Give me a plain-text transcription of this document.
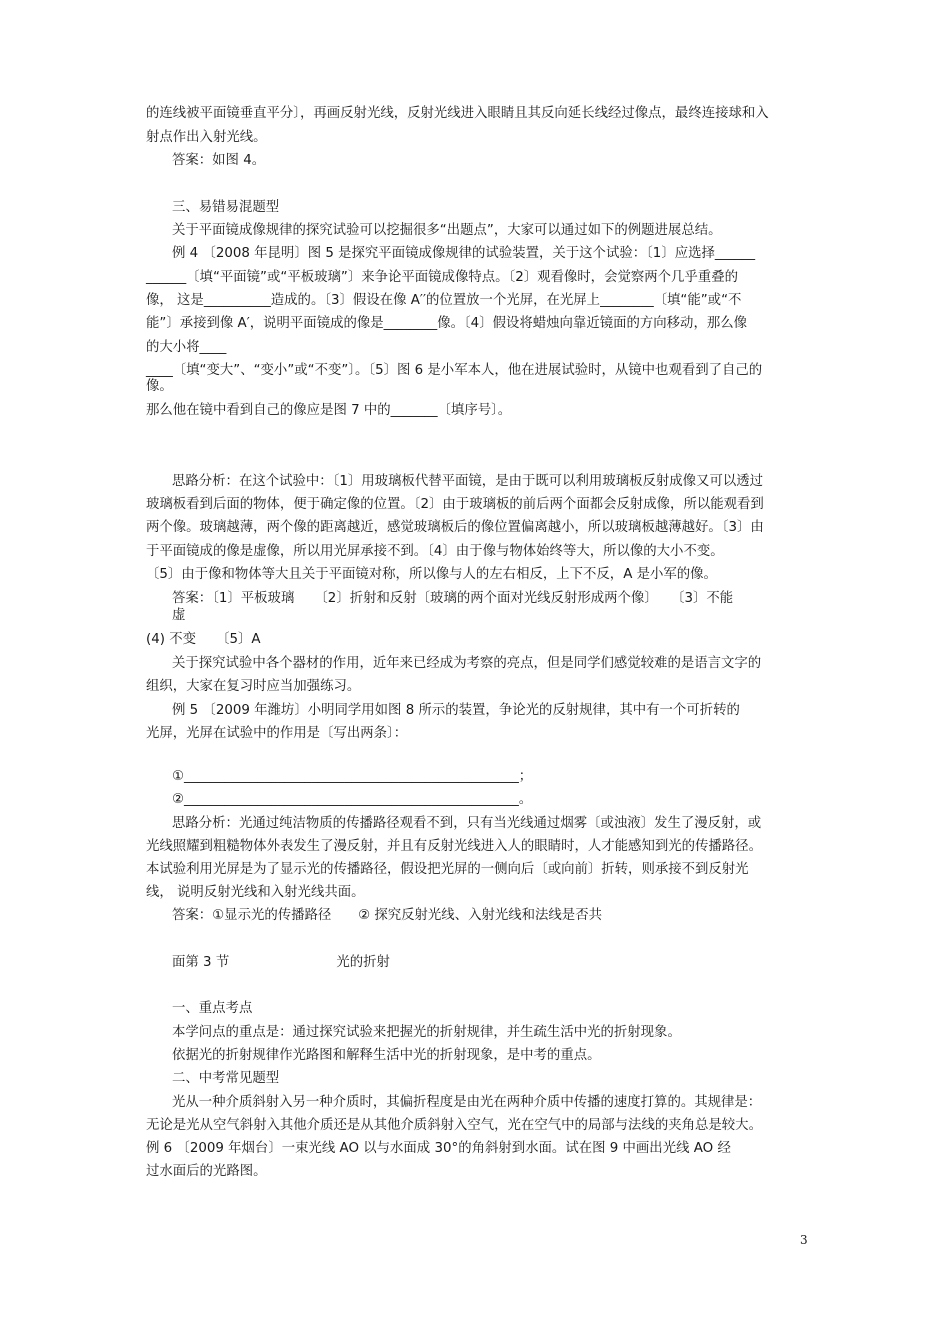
的连线被平面镜垂直平分〕，再画反射光线，反射光线进入眼睛且其反向延长线经过像点，最终连接球和入
射点作出入射光线。
答案：如图 4。
三、易错易混题型
关于平面镜成像规律的探究试验可以挖掘很多“出题点”，大家可以通过如下的例题进展总结。
例 4 〔2008 年昆明〕图 5 是探究平面镜成像规律的试验装置，关于这个试验：〔1〕应选择______
______〔填“平面镜”或“平板玻璃”〕来争论平面镜成像特点。〔2〕观看像时，会觉察两个几乎重叠的
像， 这是__________造成的。〔3〕假设在像 A′′的位置放一个光屏，在光屏上________〔填“能”或“不
能”〕承接到像 A′，说明平面镜成的像是________像。〔4〕假设将蜡烛向靠近镜面的方向移动，那么像
的大小将____
____〔填“变大”、“变小”或“不变”〕。〔5〕图 6 是小军本人，他在进展试验时，从镜中也观看到了自己的
像。
那么他在镜中看到自己的像应是图 7 中的_______〔填序号〕。
思路分析：在这个试验中：〔1〕用玻璃板代替平面镜，是由于既可以利用玻璃板反射成像又可以透过
玻璃板看到后面的物体，便于确定像的位置。〔2〕由于玻璃板的前后两个面都会反射成像，所以能观看到
两个像。玻璃越薄，两个像的距离越近，感觉玻璃板后的像位置偏离越小，所以玻璃板越薄越好。〔3〕由
于平面镜成的像是虚像，所以用光屏承接不到。〔4〕由于像与物体始终等大，所以像的大小不变。
〔5〕由于像和物体等大且关于平面镜对称，所以像与人的左右相反，上下不反，A 是小军的像。
答案：〔1〕平板玻璃　　〔2〕折射和反射〔玻璃的两个面对光线反射形成两个像〕　　〔3〕不能
虚
(4) 不变　　〔5〕A
关于探究试验中各个器材的作用，近年来已经成为考察的亮点，但是同学们感觉较难的是语言文字的
组织，大家在复习时应当加强练习。
例 5 〔2009 年潍坊〕小明同学用如图 8 所示的装置，争论光的反射规律，其中有一个可折转的
光屏，光屏在试验中的作用是〔写出两条〕：
①__________________________________________________；
②__________________________________________________。
思路分析：光通过纯洁物质的传播路径观看不到，只有当光线通过烟雾〔或浊液〕发生了漫反射，或
光线照耀到粗糙物体外表发生了漫反射，并且有反射光线进入人的眼睛时，人才能感知到光的传播路径。
本试验利用光屏是为了显示光的传播路径，假设把光屏的一侧向后〔或向前〕折转，则承接不到反射光
线， 说明反射光线和入射光线共面。
答案：①显示光的传播路径　　② 探究反射光线、入射光线和法线是否共
面第 3 节　　　　　　　　光的折射
一、重点考点
本学问点的重点是：通过探究试验来把握光的折射规律，并生疏生活中光的折射现象。
依据光的折射规律作光路图和解释生活中光的折射现象，是中考的重点。
二、中考常见题型
光从一种介质斜射入另一种介质时，其偏折程度是由光在两种介质中传播的速度打算的。其规律是：
无论是光从空气斜射入其他介质还是从其他介质斜射入空气，光在空气中的局部与法线的夹角总是较大。
例 6 〔2009 年烟台〕一束光线 AO 以与水面成 30°的角斜射到水面。试在图 9 中画出光线 AO 经
过水面后的光路图。
3
